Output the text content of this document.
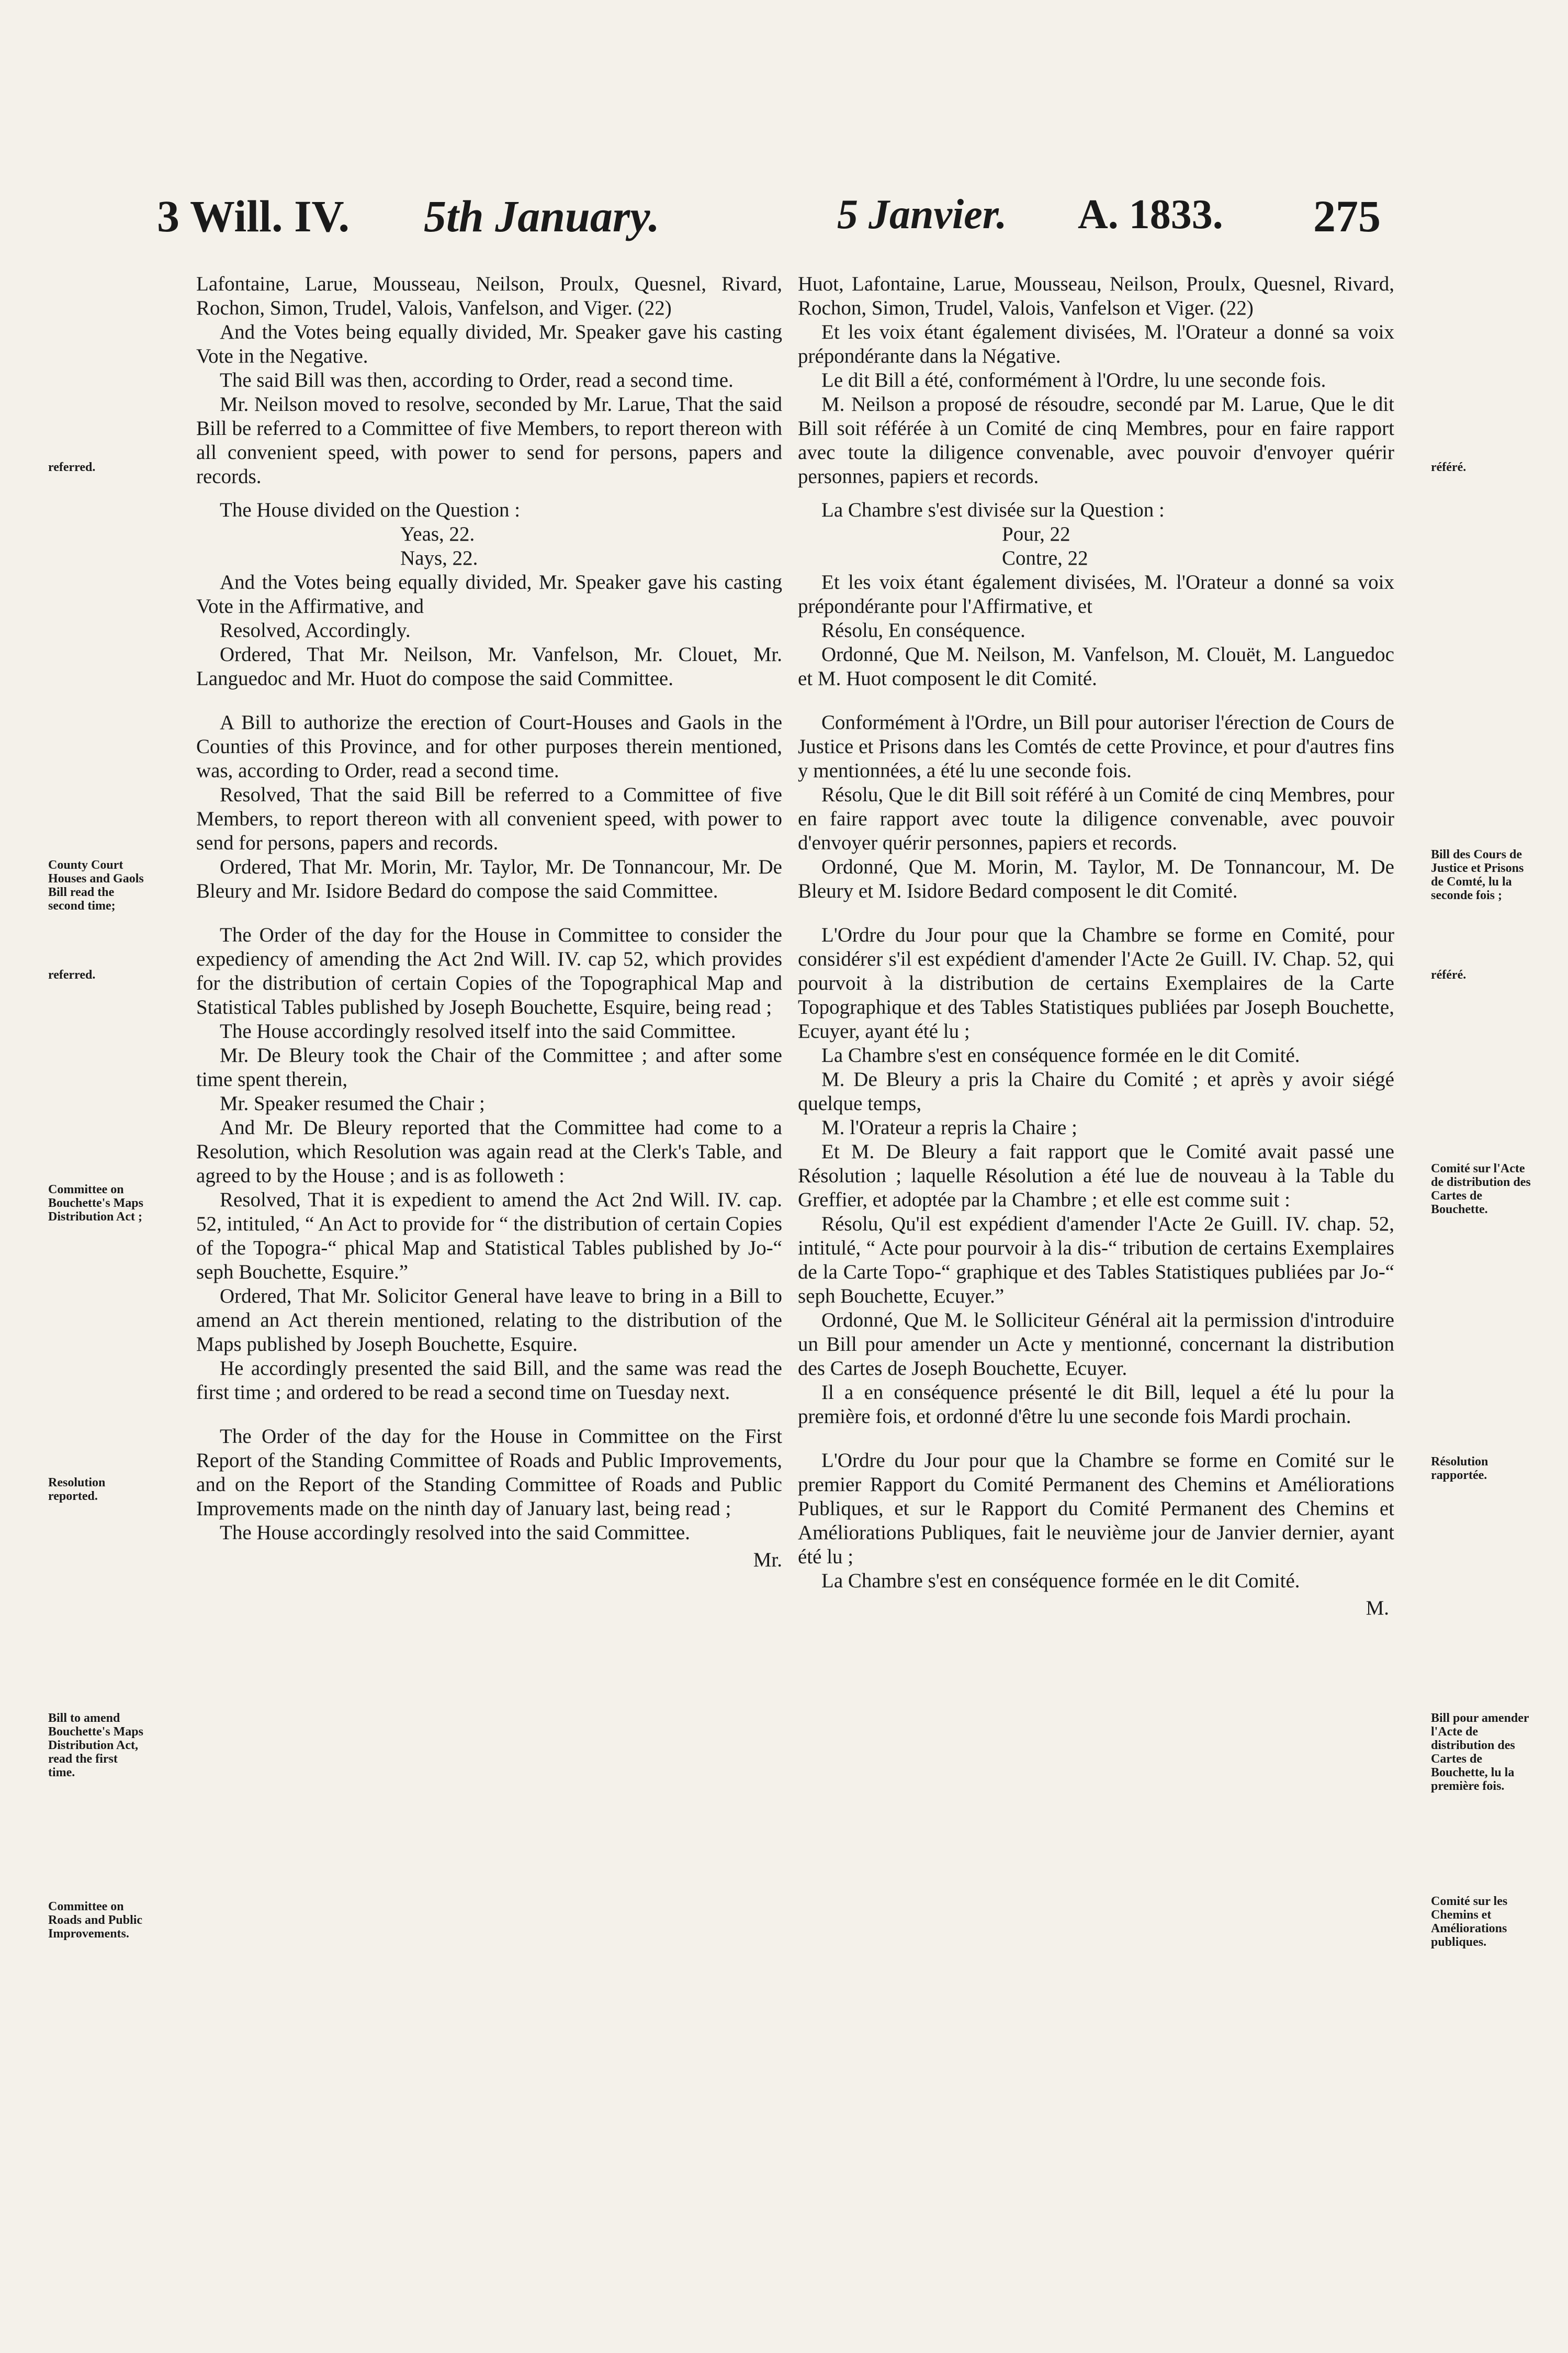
3 Will. IV. 5th January.	5 Janvier. A. 1833. 275
referred.
County Court Houses and Gaols Bill read the second time;
referred.
Committee on Bouchette's Maps Distribution Act ;
Resolution reported.
Bill to amend Bouchette's Maps Distribution Act, read the first time.
Committee on Roads and Public Improvements.
référé.
Bill des Cours de Justice et Prisons de Comté, lu la seconde fois ;
référé.
Comité sur l'Acte de distribution des Cartes de Bouchette.
Résolution rapportée.
Bill pour amender l'Acte de distribution des Cartes de Bouchette, lu la première fois.
Comité sur les Chemins et Améliorations publiques.

Lafontaine, Larue, Mousseau, Neilson, Proulx, Quesnel, Rivard, Rochon, Simon, Trudel, Valois, Vanfelson, and Viger. (22)

And the Votes being equally divided, Mr. Speaker gave his casting Vote in the Negative.

The said Bill was then, according to Order, read a second time.

Mr. Neilson moved to resolve, seconded by Mr. Larue, That the said Bill be referred to a Committee of five Members, to report thereon with all convenient speed, with power to send for persons, papers and records.

The House divided on the Question :

Yeas, 22.

Nays, 22.

And the Votes being equally divided, Mr. Speaker gave his casting Vote in the Affirmative, and

Resolved, Accordingly.

Ordered, That Mr. Neilson, Mr. Vanfelson, Mr. Clouet, Mr. Languedoc and Mr. Huot do compose the said Committee.

A Bill to authorize the erection of Court-Houses and Gaols in the Counties of this Province, and for other purposes therein mentioned, was, according to Order, read a second time.

Resolved, That the said Bill be referred to a Committee of five Members, to report thereon with all convenient speed, with power to send for persons, papers and records.

Ordered, That Mr. Morin, Mr. Taylor, Mr. De Tonnancour, Mr. De Bleury and Mr. Isidore Bedard do compose the said Committee.

The Order of the day for the House in Committee to consider the expediency of amending the Act 2nd Will. IV. cap 52, which provides for the distribution of certain Copies of the Topographical Map and Statistical Tables published by Joseph Bouchette, Esquire, being read ;

The House accordingly resolved itself into the said Committee.

Mr. De Bleury took the Chair of the Committee ; and after some time spent therein,

Mr. Speaker resumed the Chair ;

And Mr. De Bleury reported that the Committee had come to a Resolution, which Resolution was again read at the Clerk's Table, and agreed to by the House ; and is as followeth :

Resolved, That it is expedient to amend the Act 2nd Will. IV. cap. 52, intituled, “ An Act to provide for “ the distribution of certain Copies of the Topogra-“ phical Map and Statistical Tables published by Jo-“ seph Bouchette, Esquire.”

Ordered, That Mr. Solicitor General have leave to bring in a Bill to amend an Act therein mentioned, relating to the distribution of the Maps published by Joseph Bouchette, Esquire.

He accordingly presented the said Bill, and the same was read the first time ; and ordered to be read a second time on Tuesday next.

The Order of the day for the House in Committee on the First Report of the Standing Committee of Roads and Public Improvements, and on the Report of the Standing Committee of Roads and Public Improvements made on the ninth day of January last, being read ;

The House accordingly resolved into the said Committee.

Mr.

Huot, Lafontaine, Larue, Mousseau, Neilson, Proulx, Quesnel, Rivard, Rochon, Simon, Trudel, Valois, Vanfelson et Viger. (22)

Et les voix étant également divisées, M. l'Orateur a donné sa voix prépondérante dans la Négative.

Le dit Bill a été, conformément à l'Ordre, lu une seconde fois.

M. Neilson a proposé de résoudre, secondé par M. Larue, Que le dit Bill soit référée à un Comité de cinq Membres, pour en faire rapport avec toute la diligence convenable, avec pouvoir d'envoyer quérir personnes, papiers et records.

La Chambre s'est divisée sur la Question :

Pour, 22

Contre, 22

Et les voix étant également divisées, M. l'Orateur a donné sa voix prépondérante pour l'Affirmative, et

Résolu, En conséquence.

Ordonné, Que M. Neilson, M. Vanfelson, M. Clouët, M. Languedoc et M. Huot composent le dit Comité.

Conformément à l'Ordre, un Bill pour autoriser l'érection de Cours de Justice et Prisons dans les Comtés de cette Province, et pour d'autres fins y mentionnées, a été lu une seconde fois.

Résolu, Que le dit Bill soit référé à un Comité de cinq Membres, pour en faire rapport avec toute la diligence convenable, avec pouvoir d'envoyer quérir personnes, papiers et records.

Ordonné, Que M. Morin, M. Taylor, M. De Tonnancour, M. De Bleury et M. Isidore Bedard composent le dit Comité.

L'Ordre du Jour pour que la Chambre se forme en Comité, pour considérer s'il est expédient d'amender l'Acte 2e Guill. IV. Chap. 52, qui pourvoit à la distribution de certains Exemplaires de la Carte Topographique et des Tables Statistiques publiées par Joseph Bouchette, Ecuyer, ayant été lu ;

La Chambre s'est en conséquence formée en le dit Comité.

M. De Bleury a pris la Chaire du Comité ; et après y avoir siégé quelque temps,

M. l'Orateur a repris la Chaire ;

Et M. De Bleury a fait rapport que le Comité avait passé une Résolution ; laquelle Résolution a été lue de nouveau à la Table du Greffier, et adoptée par la Chambre ; et elle est comme suit :

Résolu, Qu'il est expédient d'amender l'Acte 2e Guill. IV. chap. 52, intitulé, “ Acte pour pourvoir à la dis-“ tribution de certains Exemplaires de la Carte Topo-“ graphique et des Tables Statistiques publiées par Jo-“ seph Bouchette, Ecuyer.”

Ordonné, Que M. le Solliciteur Général ait la permission d'introduire un Bill pour amender un Acte y mentionné, concernant la distribution des Cartes de Joseph Bouchette, Ecuyer.

Il a en conséquence présenté le dit Bill, lequel a été lu pour la première fois, et ordonné d'être lu une seconde fois Mardi prochain.

L'Ordre du Jour pour que la Chambre se forme en Comité sur le premier Rapport du Comité Permanent des Chemins et Améliorations Publiques, et sur le Rapport du Comité Permanent des Chemins et Améliorations Publiques, fait le neuvième jour de Janvier dernier, ayant été lu ;

La Chambre s'est en conséquence formée en le dit Comité.

M.
